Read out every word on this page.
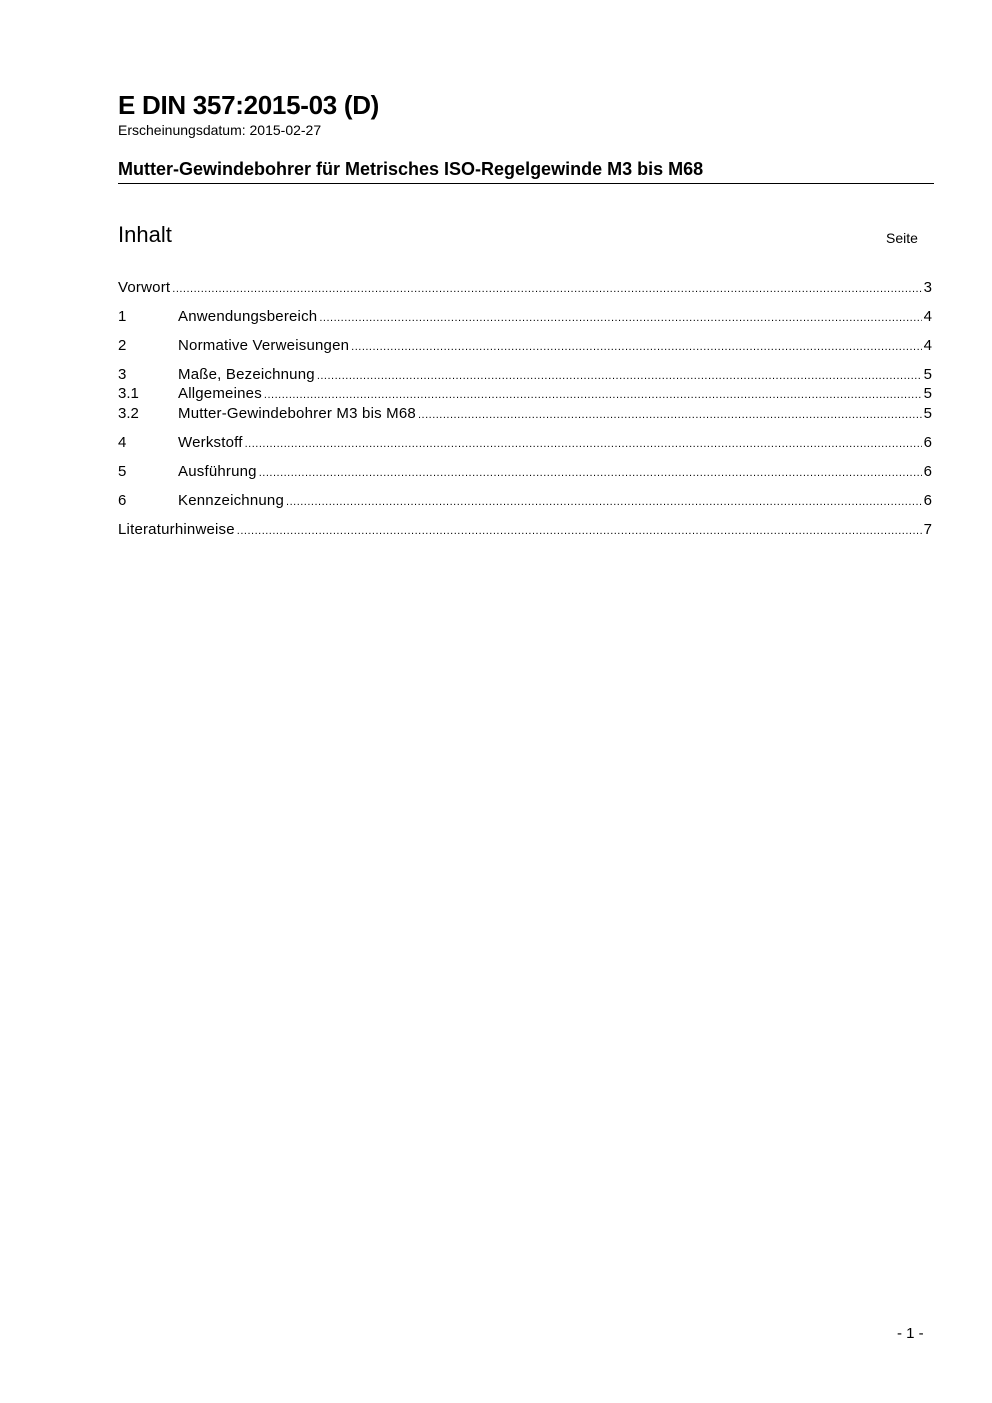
E DIN 357:2015-03 (D)
Erscheinungsdatum: 2015-02-27
Mutter-Gewindebohrer für Metrisches ISO-Regelgewinde M3 bis M68
Inhalt	Seite
Vorwort .....	3
1	Anwendungsbereich .....	4
2	Normative Verweisungen .....	4
3	Maße, Bezeichnung .....	5
3.1	Allgemeines .....	5
3.2	Mutter-Gewindebohrer M3 bis M68 .....	5
4	Werkstoff .....	6
5	Ausführung .....	6
6	Kennzeichnung .....	6
Literaturhinweise .....	7
- 1 -
